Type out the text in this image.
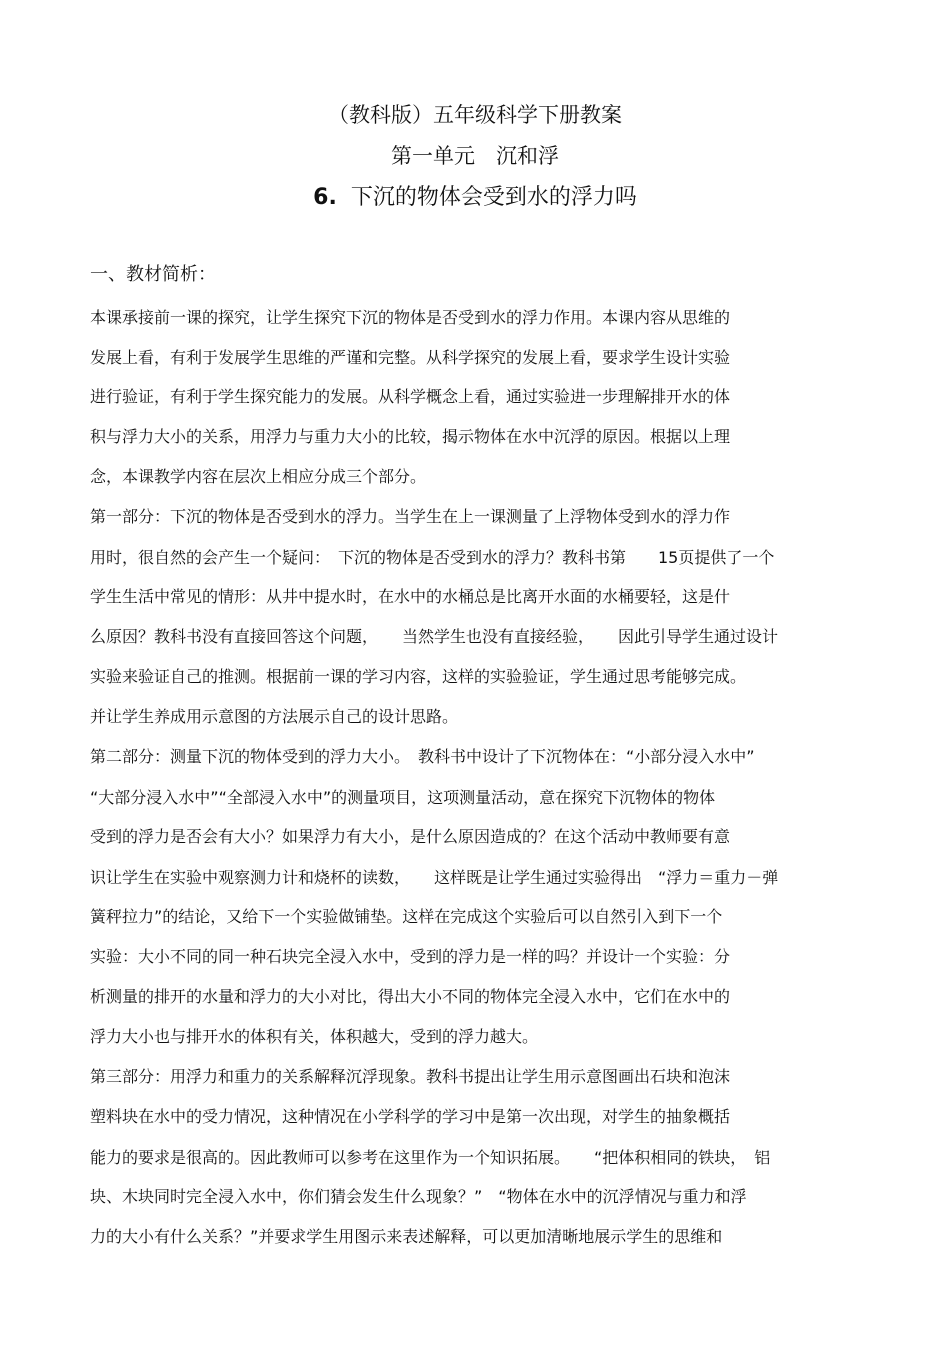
（教科版）五年级科学下册教案
第一单元　沉和浮
6. 下沉的物体会受到水的浮力吗
一、教材简析：
本课承接前一课的探究，让学生探究下沉的物体是否受到水的浮力作用。本课内容从思维的
发展上看，有利于发展学生思维的严谨和完整。从科学探究的发展上看，要求学生设计实验
进行验证，有利于学生探究能力的发展。从科学概念上看，通过实验进一步理解排开水的体
积与浮力大小的关系，用浮力与重力大小的比较，揭示物体在水中沉浮的原因。根据以上理
念，本课教学内容在层次上相应分成三个部分。
第一部分：下沉的物体是否受到水的浮力。当学生在上一课测量了上浮物体受到水的浮力作
用时，很自然的会产生一个疑问：　下沉的物体是否受到水的浮力？教科书第　　15页提供了一个
学生生活中常见的情形：从井中提水时，在水中的水桶总是比离开水面的水桶要轻，这是什
么原因？教科书没有直接回答这个问题，　　当然学生也没有直接经验，　　因此引导学生通过设计
实验来验证自己的推测。根据前一课的学习内容，这样的实验验证，学生通过思考能够完成。
并让学生养成用示意图的方法展示自己的设计思路。
第二部分：测量下沉的物体受到的浮力大小。　教科书中设计了下沉物体在：“小部分浸入水中”
“大部分浸入水中”“全部浸入水中”的测量项目，这项测量活动，意在探究下沉物体的物体
受到的浮力是否会有大小？如果浮力有大小，是什么原因造成的？在这个活动中教师要有意
识让学生在实验中观察测力计和烧杯的读数，　　这样既是让学生通过实验得出　“浮力＝重力－弹
簧秤拉力”的结论，又给下一个实验做铺垫。这样在完成这个实验后可以自然引入到下一个
实验：大小不同的同一种石块完全浸入水中，受到的浮力是一样的吗？并设计一个实验：分
析测量的排开的水量和浮力的大小对比，得出大小不同的物体完全浸入水中，它们在水中的
浮力大小也与排开水的体积有关，体积越大，受到的浮力越大。
第三部分：用浮力和重力的关系解释沉浮现象。教科书提出让学生用示意图画出石块和泡沫
塑料块在水中的受力情况，这种情况在小学科学的学习中是第一次出现，对学生的抽象概括
能力的要求是很高的。因此教师可以参考在这里作为一个知识拓展。　　“把体积相同的铁块，　铝
块、木块同时完全浸入水中，你们猜会发生什么现象？”　“物体在水中的沉浮情况与重力和浮
力的大小有什么关系？”并要求学生用图示来表述解释，可以更加清晰地展示学生的思维和
